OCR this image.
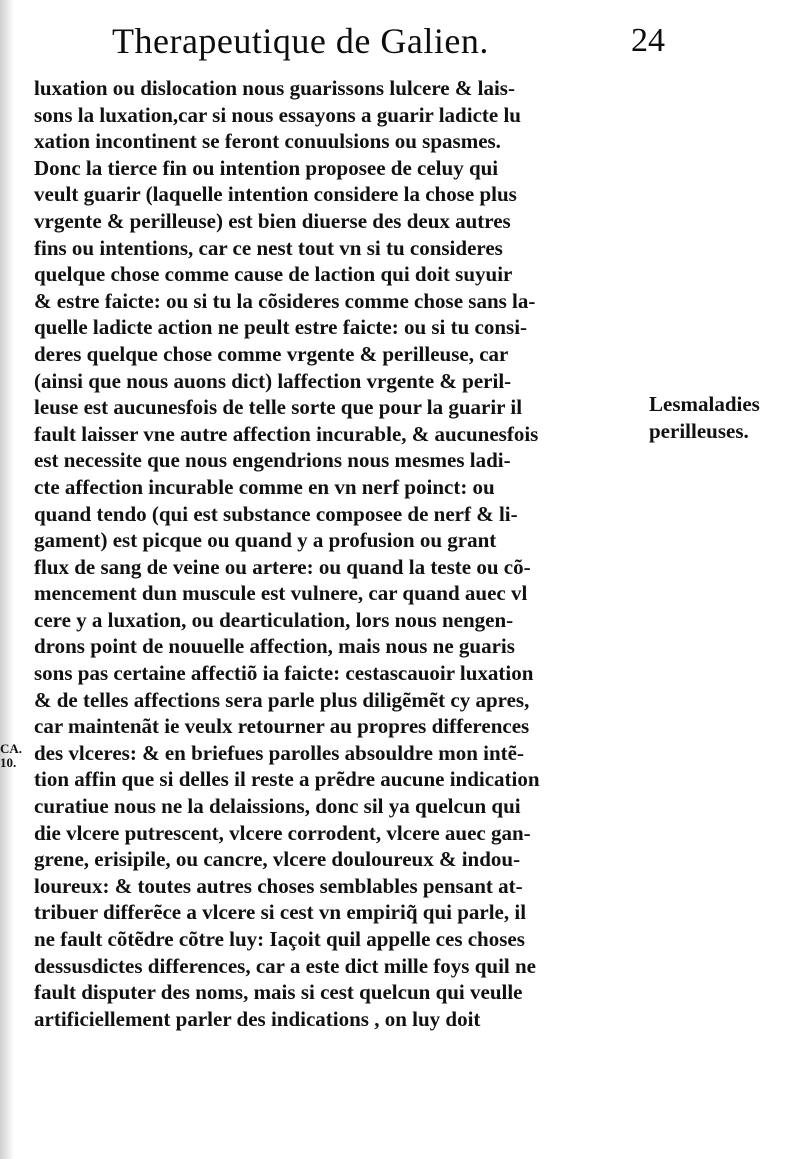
Therapeutique de Galien.	24
luxation ou dislocation nous guarissons lulcere & lais-
sons la luxation,car si nous essayons a guarir ladicte lu
xation incontinent se feront conuulsions ou spasmes.
Donc la tierce fin ou intention proposee de celuy qui
veult guarir (laquelle intention considere la chose plus
vrgente & perilleuse) est bien diuerse des deux autres
fins ou intentions, car ce nest tout vn si tu consideres
quelque chose comme cause de laction qui doit suyuir
& estre faicte: ou si tu la cõsideres comme chose sans la-
quelle ladicte action ne peult estre faicte: ou si tu consi-
deres quelque chose comme vrgente & perilleuse, car
(ainsi que nous auons dict) laffection vrgente & peril-
leuse est aucunesfois de telle sorte que pour la guarir il
fault laisser vne autre affection incurable, & aucunesfois
est necessite que nous engendrions nous mesmes ladi-
cte affection incurable comme en vn nerf poinct: ou
quand tendo (qui est substance composee de nerf & li-
gament) est picque ou quand y a profusion ou grant
flux de sang de veine ou artere: ou quand la teste ou cõ-
mencement dun muscule est vulnere, car quand auec vl
cere y a luxation, ou dearticulation, lors nous nengen-
drons point de nouuelle affection, mais nous ne guaris
sons pas certaine affectiõ ia faicte: cestascauoir luxation
& de telles affections sera parle plus diligẽmẽt cy apres,
car maintenãt ie veulx retourner au propres differences
des vlceres: & en briefues parolles absouldre mon intẽ-
tion affin que si delles il reste a prẽdre aucune indication
curatiue nous ne la delaissions, donc sil ya quelcun qui
die vlcere putrescent, vlcere corrodent, vlcere auec gan-
grene, erisipile, ou cancre, vlcere douloureux & indou-
loureux: & toutes autres choses semblables pensant at-
tribuer differẽce a vlcere si cest vn empiriq̃ qui parle, il
ne fault cõtẽdre cõtre luy: Iaçoit quil appelle ces choses
dessusdictes differences, car a este dict mille foys quil ne
fault disputer des noms, mais si cest quelcun qui veulle
artificiellement parler des indications , on luy doit
Lesmaladies
perilleuses.
CA.
10.
